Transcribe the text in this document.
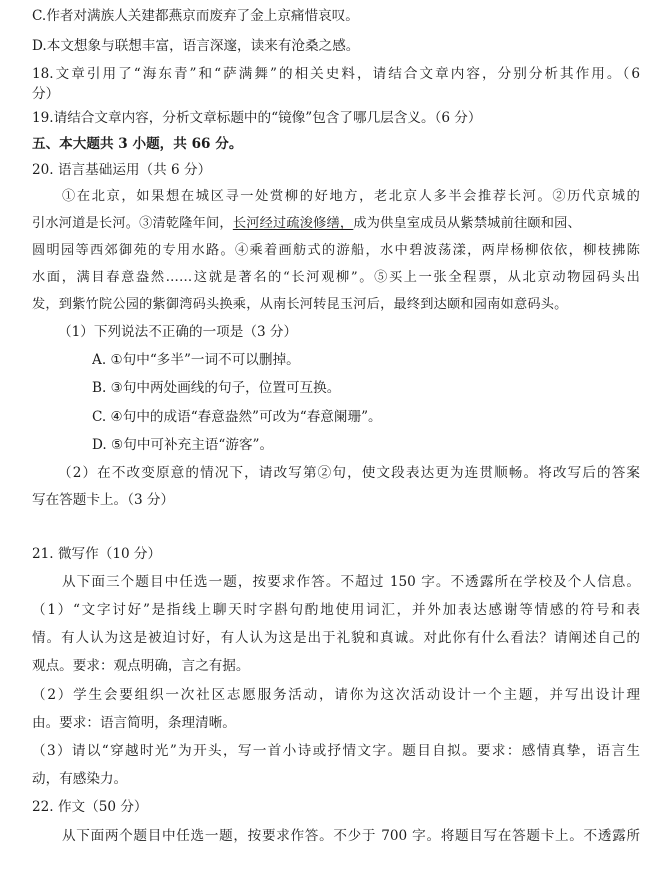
C.作者对满族人关建都燕京而废弃了金上京痛惜哀叹。
D.本文想象与联想丰富，语言深邃，读来有沧桑之感。
18.文章引用了“海东青”和“萨满舞”的相关史料，请结合文章内容，分别分析其作用。（6
分）
19.请结合文章内容，分析文章标题中的“镜像”包含了哪几层含义。（6 分）
五、本大题共 3 小题，共 66 分。
20. 语言基础运用（共 6 分）
①在北京，如果想在城区寻一处赏柳的好地方，老北京人多半会推荐长河。②历代京城的
引水河道是长河。③清乾隆年间，长河经过疏浚修缮，成为供皇室成员从紫禁城前往颐和园、
圆明园等西郊御苑的专用水路。④乘着画舫式的游船，水中碧波荡漾，两岸杨柳依依，柳枝拂陈
水面，满目春意盎然……这就是著名的“长河观柳”。⑤买上一张全程票，从北京动物园码头出
发，到紫竹院公园的紫御湾码头换乘，从南长河转昆玉河后，最终到达颐和园南如意码头。
（1）下列说法不正确的一项是（3 分）
A. ①句中“多半”一词不可以删掉。
B. ③句中两处画线的句子，位置可互换。
C. ④句中的成语“春意盎然”可改为“春意阑珊”。
D. ⑤句中可补充主语“游客”。
（2）在不改变原意的情况下，请改写第②句，使文段表达更为连贯顺畅。将改写后的答案
写在答题卡上。（3 分）
21. 微写作（10 分）
从下面三个题目中任选一题，按要求作答。不超过 150 字。不透露所在学校及个人信息。
（1）“文字讨好”是指线上聊天时字斟句酌地使用词汇，并外加表达感谢等情感的符号和表
情。有人认为这是被迫讨好，有人认为这是出于礼貌和真诚。对此你有什么看法？请阐述自己的
观点。要求：观点明确，言之有据。
（2）学生会要组织一次社区志愿服务活动，请你为这次活动设计一个主题，并写出设计理
由。要求：语言简明，条理清晰。
（3）请以“穿越时光”为开头，写一首小诗或抒情文字。题目自拟。要求：感情真挚，语言生
动，有感染力。
22. 作文（50 分）
从下面两个题目中任选一题，按要求作答。不少于 700 字。将题目写在答题卡上。不透露所
